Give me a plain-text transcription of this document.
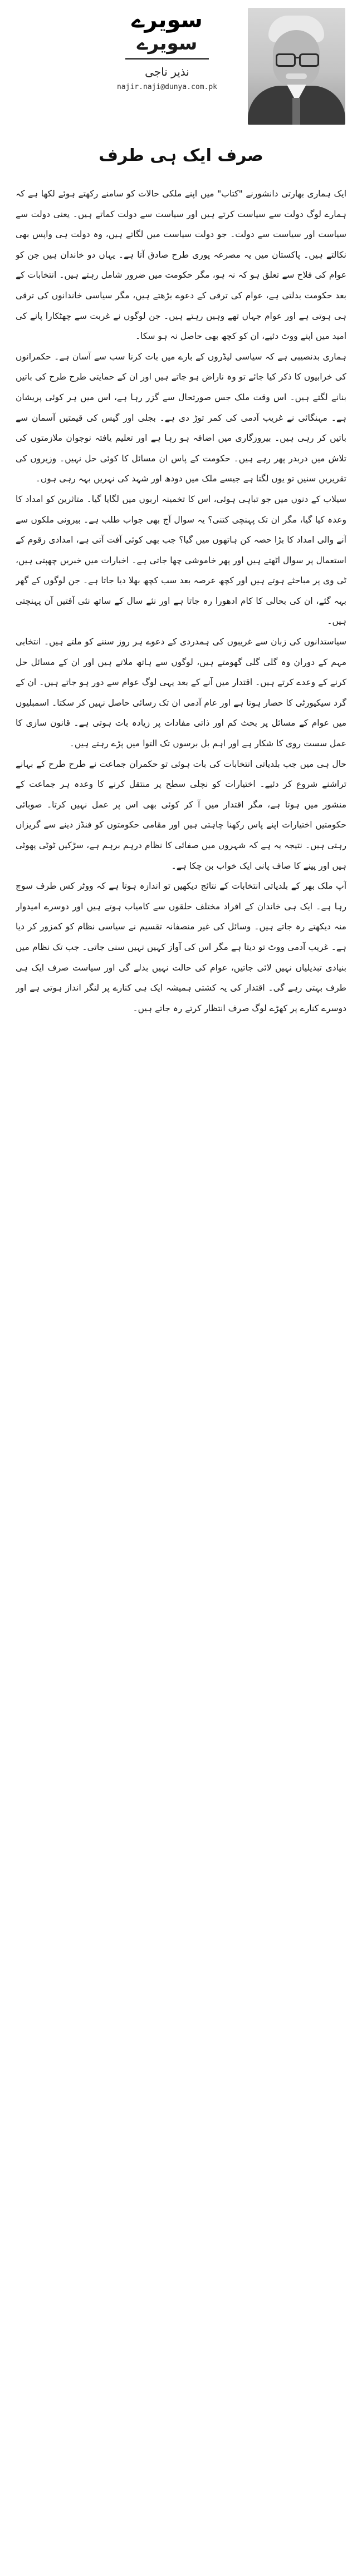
سویرے
سویرے
نذیر ناجی
najir.naji@dunya.com.pk
صرف ایک ہی طرف

ایک ہماری بھارتی دانشورنے "کتاب" میں اپنے ملکی حالات کو سامنے رکھتے ہوئے لکھا ہے کہ ہمارے لوگ دولت سے سیاست کرتے ہیں اور سیاست سے دولت کماتے ہیں۔ یعنی دولت سے سیاست اور سیاست سے دولت۔ جو دولت سیاست میں لگاتے ہیں، وہ دولت ہی واپس بھی نکالتے ہیں۔ پاکستان میں یہ مصرعہ پوری طرح صادق آتا ہے۔ یہاں دو خاندان ہیں جن کو عوام کی فلاح سے تعلق ہو کہ نہ ہو، مگر حکومت میں ضرور شامل رہتے ہیں۔ انتخابات کے بعد حکومت بدلتی ہے، عوام کی ترقی کے دعوے بڑھتے ہیں، مگر سیاسی خاندانوں کی ترقی ہی ہوتی ہے اور عوام جہاں تھے وہیں رہتے ہیں۔ جن لوگوں نے غربت سے چھٹکارا پانے کی امید میں اپنے ووٹ دئیے، ان کو کچھ بھی حاصل نہ ہو سکا۔

ہماری بدنصیبی ہے کہ سیاسی لیڈروں کے بارے میں بات کرنا سب سے آسان ہے۔ حکمرانوں کی خرابیوں کا ذکر کیا جائے تو وہ ناراض ہو جاتے ہیں اور ان کے حمایتی طرح طرح کی باتیں بنانے لگتے ہیں۔ اس وقت ملک جس صورتحال سے گزر رہا ہے، اس میں ہر کوئی پریشان ہے۔ مہنگائی نے غریب آدمی کی کمر توڑ دی ہے۔ بجلی اور گیس کی قیمتیں آسمان سے باتیں کر رہی ہیں۔ بیروزگاری میں اضافہ ہو رہا ہے اور تعلیم یافتہ نوجوان ملازمتوں کی تلاش میں دربدر پھر رہے ہیں۔ حکومت کے پاس ان مسائل کا کوئی حل نہیں۔ وزیروں کی تقریریں سنیں تو یوں لگتا ہے جیسے ملک میں دودھ اور شہد کی نہریں بہہ رہی ہوں۔

سیلاب کے دنوں میں جو تباہی ہوئی، اس کا تخمینہ اربوں میں لگایا گیا۔ متاثرین کو امداد کا وعدہ کیا گیا، مگر ان تک پہنچی کتنی؟ یہ سوال آج بھی جواب طلب ہے۔ بیرونی ملکوں سے آنے والی امداد کا بڑا حصہ کن ہاتھوں میں گیا؟ جب بھی کوئی آفت آتی ہے، امدادی رقوم کے استعمال پر سوال اٹھتے ہیں اور پھر خاموشی چھا جاتی ہے۔ اخبارات میں خبریں چھپتی ہیں، ٹی وی پر مباحثے ہوتے ہیں اور کچھ عرصہ بعد سب کچھ بھلا دیا جاتا ہے۔ جن لوگوں کے گھر بہہ گئے، ان کی بحالی کا کام ادھورا رہ جاتا ہے اور نئے سال کے ساتھ نئی آفتیں آن پہنچتی ہیں۔

سیاستدانوں کی زبان سے غریبوں کی ہمدردی کے دعوے ہر روز سننے کو ملتے ہیں۔ انتخابی مہم کے دوران وہ گلی گلی گھومتے ہیں، لوگوں سے ہاتھ ملاتے ہیں اور ان کے مسائل حل کرنے کے وعدے کرتے ہیں۔ اقتدار میں آنے کے بعد یہی لوگ عوام سے دور ہو جاتے ہیں۔ ان کے گرد سیکیورٹی کا حصار ہوتا ہے اور عام آدمی ان تک رسائی حاصل نہیں کر سکتا۔ اسمبلیوں میں عوام کے مسائل پر بحث کم اور ذاتی مفادات پر زیادہ بات ہوتی ہے۔ قانون سازی کا عمل سست روی کا شکار ہے اور اہم بل برسوں تک التوا میں پڑے رہتے ہیں۔

حال ہی میں جب بلدیاتی انتخابات کی بات ہوئی تو حکمران جماعت نے طرح طرح کے بہانے تراشنے شروع کر دئیے۔ اختیارات کو نچلی سطح پر منتقل کرنے کا وعدہ ہر جماعت کے منشور میں ہوتا ہے، مگر اقتدار میں آ کر کوئی بھی اس پر عمل نہیں کرتا۔ صوبائی حکومتیں اختیارات اپنے پاس رکھنا چاہتی ہیں اور مقامی حکومتوں کو فنڈز دینے سے گریزاں رہتی ہیں۔ نتیجہ یہ ہے کہ شہروں میں صفائی کا نظام درہم برہم ہے، سڑکیں ٹوٹی پھوٹی ہیں اور پینے کا صاف پانی ایک خواب بن چکا ہے۔

آپ ملک بھر کے بلدیاتی انتخابات کے نتائج دیکھیں تو اندازہ ہوتا ہے کہ ووٹر کس طرف سوچ رہا ہے۔ ایک ہی خاندان کے افراد مختلف حلقوں سے کامیاب ہوتے ہیں اور دوسرے امیدوار منہ دیکھتے رہ جاتے ہیں۔ وسائل کی غیر منصفانہ تقسیم نے سیاسی نظام کو کمزور کر دیا ہے۔ غریب آدمی ووٹ تو دیتا ہے مگر اس کی آواز کہیں نہیں سنی جاتی۔ جب تک نظام میں بنیادی تبدیلیاں نہیں لائی جاتیں، عوام کی حالت نہیں بدلے گی اور سیاست صرف ایک ہی طرف بہتی رہے گی۔ اقتدار کی یہ کشتی ہمیشہ ایک ہی کنارے پر لنگر انداز ہوتی ہے اور دوسرے کنارے پر کھڑے لوگ صرف انتظار کرتے رہ جاتے ہیں۔
